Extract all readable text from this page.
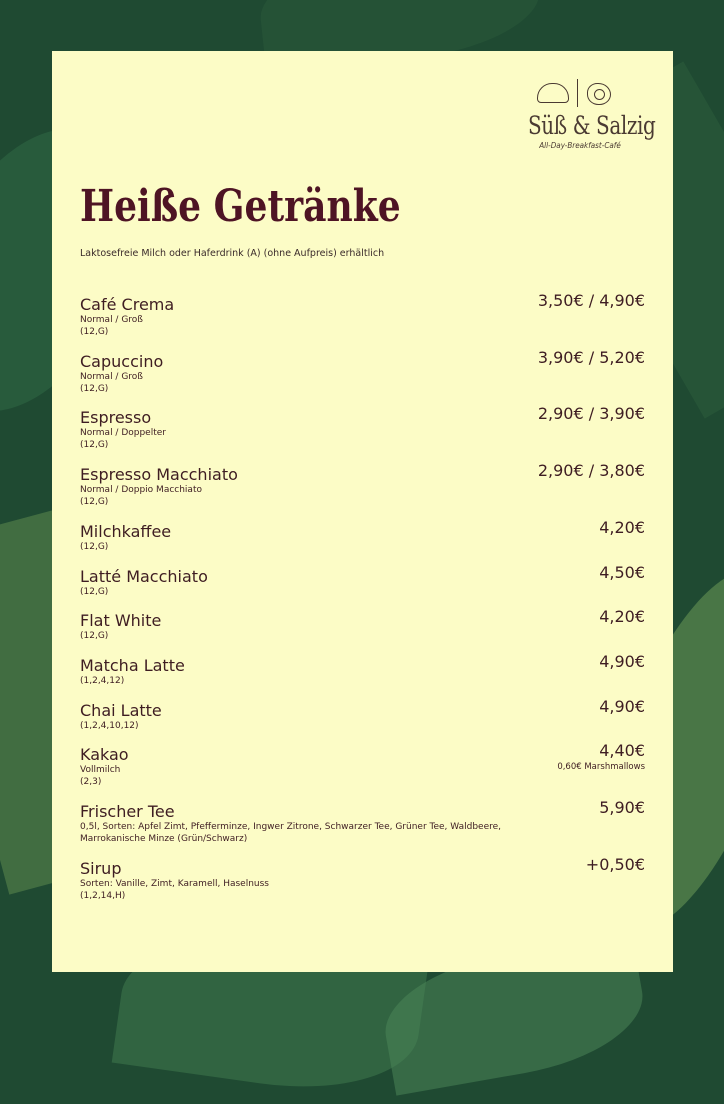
Süß & Salzig
All-Day-Breakfast-Café
Heiße Getränke
Laktosefreie Milch oder Haferdrink (A) (ohne Aufpreis) erhältlich
Café Crema
Normal / Groß
(12,G)
3,50€ / 4,90€
Capuccino
Normal / Groß
(12,G)
3,90€ / 5,20€
Espresso
Normal / Doppelter
(12,G)
2,90€ / 3,90€
Espresso Macchiato
Normal / Doppio Macchiato
(12,G)
2,90€ / 3,80€
Milchkaffee
(12,G)
4,20€
Latté Macchiato
(12,G)
4,50€
Flat White
(12,G)
4,20€
Matcha Latte
(1,2,4,12)
4,90€
Chai Latte
(1,2,4,10,12)
4,90€
Kakao
Vollmilch
(2,3)
4,40€
0,60€ Marshmallows
Frischer Tee
0,5l, Sorten: Apfel Zimt, Pfefferminze, Ingwer Zitrone, Schwarzer Tee, Grüner Tee, Waldbeere,
Marrokanische Minze (Grün/Schwarz)
5,90€
Sirup
Sorten: Vanille, Zimt, Karamell, Haselnuss
(1,2,14,H)
+0,50€
